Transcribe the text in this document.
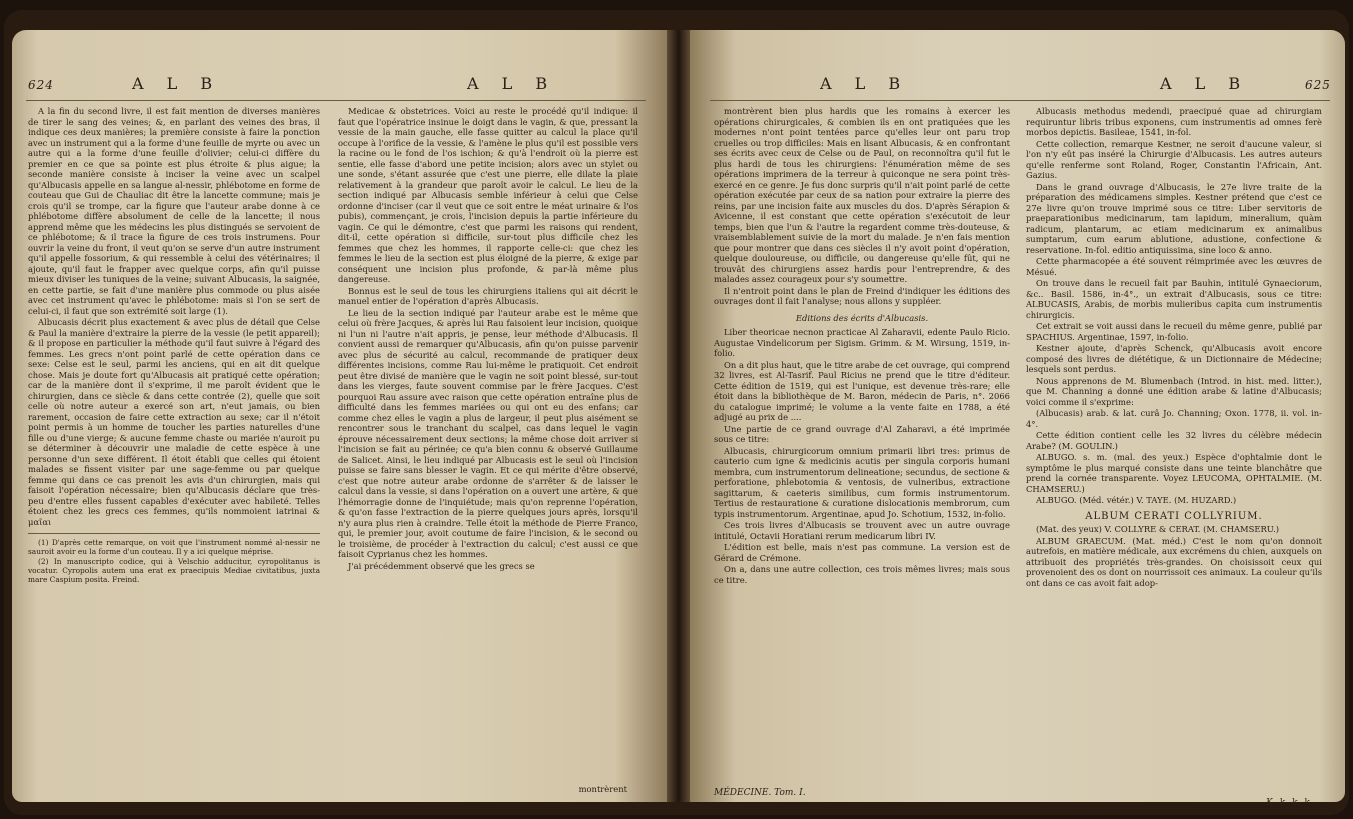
624	A L B	A L B

A la fin du second livre, il est fait mention de diverses manières de tirer le sang des veines; &, en parlant des veines des bras, il indique ces deux manières; la première consiste à faire la ponction avec un instrument qui a la forme d'une feuille de myrte ou avec un autre qui a la forme d'une feuille d'olivier; celui-ci diffère du premier en ce que sa pointe est plus étroite & plus aigue; la seconde manière consiste à inciser la veine avec un scalpel qu'Albucasis appelle en sa langue al-nessir, phlébotome en forme de couteau que Gui de Chauliac dit être la lancette commune; mais je crois qu'il se trompe, car la figure que l'auteur arabe donne à ce phlébotome diffère absolument de celle de la lancette; il nous apprend même que les médecins les plus distingués se servoient de ce phlébotome; & il trace la figure de ces trois instrumens. Pour ouvrir la veine du front, il veut qu'on se serve d'un autre instrument qu'il appelle fossorium, & qui ressemble à celui des vétérinaires; il ajoute, qu'il faut le frapper avec quelque corps, afin qu'il puisse mieux diviser les tuniques de la veine; suivant Albucasis, la saignée, en cette partie, se fait d'une manière plus commode ou plus aisée avec cet instrument qu'avec le phlébotome: mais si l'on se sert de celui-ci, il faut que son extrémité soit large (1).

Albucasis décrit plus exactement & avec plus de détail que Celse & Paul la manière d'extraire la pierre de la vessie (le petit appareil); & il propose en particulier la méthode qu'il faut suivre à l'égard des femmes. Les grecs n'ont point parlé de cette opération dans ce sexe: Celse est le seul, parmi les anciens, qui en ait dit quelque chose. Mais je doute fort qu'Albucasis ait pratiqué cette opération; car de la manière dont il s'exprime, il me paroît évident que le chirurgien, dans ce siècle & dans cette contrée (2), quelle que soit celle où notre auteur a exercé son art, n'eut jamais, ou bien rarement, occasion de faire cette extraction au sexe; car il n'étoit point permis à un homme de toucher les parties naturelles d'une fille ou d'une vierge; & aucune femme chaste ou mariée n'auroit pu se déterminer à découvrir une maladie de cette espèce à une personne d'un sexe différent. Il étoit établi que celles qui étoient malades se fissent visiter par une sage-femme ou par quelque femme qui dans ce cas prenoit les avis d'un chirurgien, mais qui faisoit l'opération nécessaire; bien qu'Albucasis déclare que très-peu d'entre elles fussent capables d'exécuter avec habileté. Telles étoient chez les grecs ces femmes, qu'ils nommoient iatrinai & μαῖαι

(1) D'après cette remarque, on voit que l'instrument nommé al-nessir ne sauroit avoir eu la forme d'un couteau. Il y a ici quelque méprise.

(2) In manuscripto codice, qui à Velschio adducitur, cyropolitanus is vocatur. Cyropolis autem una erat ex praecipuis Mediae civitatibus, juxta mare Caspium posita. Freind.

Medicae & obstetrices. Voici au reste le procédé qu'il indique: il faut que l'opératrice insinue le doigt dans le vagin, & que, pressant la vessie de la main gauche, elle fasse quitter au calcul la place qu'il occupe à l'orifice de la vessie, & l'amène le plus qu'il est possible vers la racine ou le fond de l'os ischion; & qu'à l'endroit où la pierre est sentie, elle fasse d'abord une petite incision; alors avec un stylet ou une sonde, s'étant assurée que c'est une pierre, elle dilate la plaie relativement à la grandeur que paroît avoir le calcul. Le lieu de la section indiqué par Albucasis semble inférieur à celui que Celse ordonne d'inciser (car il veut que ce soit entre le méat urinaire & l'os pubis), commençant, je crois, l'incision depuis la partie inférieure du vagin. Ce qui le démontre, c'est que parmi les raisons qui rendent, dit-il, cette opération si difficile, sur-tout plus difficile chez les femmes que chez les hommes, il rapporte celle-ci: que chez les femmes le lieu de la section est plus éloigné de la pierre, & exige par conséquent une incision plus profonde, & par-là même plus dangereuse.

Bonnus est le seul de tous les chirurgiens italiens qui ait décrit le manuel entier de l'opération d'après Albucasis.

Le lieu de la section indiqué par l'auteur arabe est le même que celui où frère Jacques, & après lui Rau faisoient leur incision, quoique ni l'un ni l'autre n'ait appris, je pense, leur méthode d'Albucasis. Il convient aussi de remarquer qu'Albucasis, afin qu'on puisse parvenir avec plus de sécurité au calcul, recommande de pratiquer deux différentes incisions, comme Rau lui-même le pratiquoit. Cet endroit peut être divisé de manière que le vagin ne soit point blessé, sur-tout dans les vierges, faute souvent commise par le frère Jacques. C'est pourquoi Rau assure avec raison que cette opération entraîne plus de difficulté dans les femmes mariées ou qui ont eu des enfans; car comme chez elles le vagin a plus de largeur, il peut plus aisément se rencontrer sous le tranchant du scalpel, cas dans lequel le vagin éprouve nécessairement deux sections; la même chose doit arriver si l'incision se fait au périnée; ce qu'a bien connu & observé Guillaume de Salicet. Ainsi, le lieu indiqué par Albucasis est le seul où l'incision puisse se faire sans blesser le vagin. Et ce qui mérite d'être observé, c'est que notre auteur arabe ordonne de s'arrêter & de laisser le calcul dans la vessie, si dans l'opération on a ouvert une artère, & que l'hémorragie donne de l'inquiétude; mais qu'on reprenne l'opération, & qu'on fasse l'extraction de la pierre quelques jours après, lorsqu'il n'y aura plus rien à craindre. Telle étoit la méthode de Pierre Franco, qui, le premier jour, avoit coutume de faire l'incision, & le second ou le troisième, de procéder à l'extraction du calcul; c'est aussi ce que faisoit Cyprianus chez les hommes.

J'ai précédemment observé que les grecs se

montrèrent
A L B	A L B	625

montrèrent bien plus hardis que les romains à exercer les opérations chirurgicales, & combien ils en ont pratiquées que les modernes n'ont point tentées parce qu'elles leur ont paru trop cruelles ou trop difficiles: Mais en lisant Albucasis, & en confrontant ses écrits avec ceux de Celse ou de Paul, on reconnoîtra qu'il fut le plus hardi de tous les chirurgiens: l'énumération même de ses opérations imprimera de la terreur à quiconque ne sera point très-exercé en ce genre. Je fus donc surpris qu'il n'ait point parlé de cette opération exécutée par ceux de sa nation pour extraire la pierre des reins, par une incision faite aux muscles du dos. D'après Sérapion & Avicenne, il est constant que cette opération s'exécutoit de leur temps, bien que l'un & l'autre la regardent comme très-douteuse, & vraisemblablement suivie de la mort du malade. Je n'en fais mention que pour montrer que dans ces siècles il n'y avoit point d'opération, quelque douloureuse, ou difficile, ou dangereuse qu'elle fût, qui ne trouvât des chirurgiens assez hardis pour l'entreprendre, & des malades assez courageux pour s'y soumettre.

Il n'entroit point dans le plan de Freind d'indiquer les éditions des ouvrages dont il fait l'analyse; nous allons y suppléer.

Editions des écrits d'Albucasis.

Liber theoricae necnon practicae Al Zaharavii, edente Paulo Ricio. Augustae Vindelicorum per Sigism. Grimm. & M. Wirsung, 1519, in-folio.

On a dit plus haut, que le titre arabe de cet ouvrage, qui comprend 32 livres, est Al-Tasrif. Paul Ricius ne prend que le titre d'éditeur. Cette édition de 1519, qui est l'unique, est devenue très-rare; elle étoit dans la bibliothèque de M. Baron, médecin de Paris, n°. 2066 du catalogue imprimé; le volume a la vente faite en 1788, a été adjugé au prix de ....

Une partie de ce grand ouvrage d'Al Zaharavi, a été imprimée sous ce titre:

Albucasis, chirurgicorum omnium primarii libri tres: primus de cauterio cum igne & medicinis acutis per singula corporis humani membra, cum instrumentorum delineatione; secundus, de sectione & perforatione, phlebotomia & ventosis, de vulneribus, extractione sagittarum, & caeteris similibus, cum formis instrumentorum. Tertius de restauratione & curatione dislocationis membrorum, cum typis instrumentorum. Argentinae, apud Jo. Schotium, 1532, in-folio.

Ces trois livres d'Albucasis se trouvent avec un autre ouvrage intitulé, Octavii Horatiani rerum medicarum libri IV.

L'édition est belle, mais n'est pas commune. La version est de Gérard de Crémone.

On a, dans une autre collection, ces trois mêmes livres; mais sous ce titre.

MÉDECINE. Tom. I.

Albucasis methodus medendi, praecipué quae ad chirurgiam requiruntur libris tribus exponens, cum instrumentis ad omnes ferè morbos depictis. Basileae, 1541, in-fol.

Cette collection, remarque Kestner, ne seroit d'aucune valeur, si l'on n'y eût pas inséré la Chirurgie d'Albucasis. Les autres auteurs qu'elle renferme sont Roland, Roger, Constantin l'Africain, Ant. Gazius.

Dans le grand ouvrage d'Albucasis, le 27e livre traite de la préparation des médicamens simples. Kestner prétend que c'est ce 27e livre qu'on trouve imprimé sous ce titre: Liber servitoris de praeparationibus medicinarum, tam lapidum, mineralium, quàm radicum, plantarum, ac etiam medicinarum ex animalibus sumptarum, cum earum ablutione, adustione, confectione & reservatione. In-fol. editio antiquissima, sine loco & anno.

Cette pharmacopée a été souvent réimprimée avec les œuvres de Mésué.

On trouve dans le recueil fait par Bauhin, intitulé Gynaeciorum, &c.. Basil. 1586, in-4°., un extrait d'Albucasis, sous ce titre: ALBUCASIS, Arabis, de morbis mulieribus capita cum instrumentis chirurgicis.

Cet extrait se voit aussi dans le recueil du même genre, publié par SPACHIUS. Argentinae, 1597, in-folio.

Kestner ajoute, d'après Schenck, qu'Albucasis avoit encore composé des livres de diététique, & un Dictionnaire de Médecine; lesquels sont perdus.

Nous apprenons de M. Blumenbach (Introd. in hist. med. litter.), que M. Channing a donné une édition arabe & latine d'Albucasis; voici comme il s'exprime:

(Albucasis) arab. & lat. curâ Jo. Channing; Oxon. 1778, ii. vol. in-4°.

Cette édition contient celle les 32 livres du célèbre médecin Arabe? (M. GOULIN.)

ALBUGO. s. m. (mal. des yeux.) Espèce d'ophtalmie dont le symptôme le plus marqué consiste dans une teinte blanchâtre que prend la cornée transparente. Voyez LEUCOMA, OPHTALMIE. (M. CHAMSERU.)

ALBUGO. (Méd. vétér.) V. TAYE. (M. HUZARD.)

ALBUM CERATI COLLYRIUM.

(Mat. des yeux) V. COLLYRE & CERAT. (M. CHAMSERU.)

ALBUM GRAECUM. (Mat. méd.) C'est le nom qu'on donnoit autrefois, en matière médicale, aux excrémens du chien, auxquels on attribuoit des propriétés très-grandes. On choisissoit ceux qui provenoient des os dont on nourrissoit ces animaux. La couleur qu'ils ont dans ce cas avoit fait adop-

K k k k
